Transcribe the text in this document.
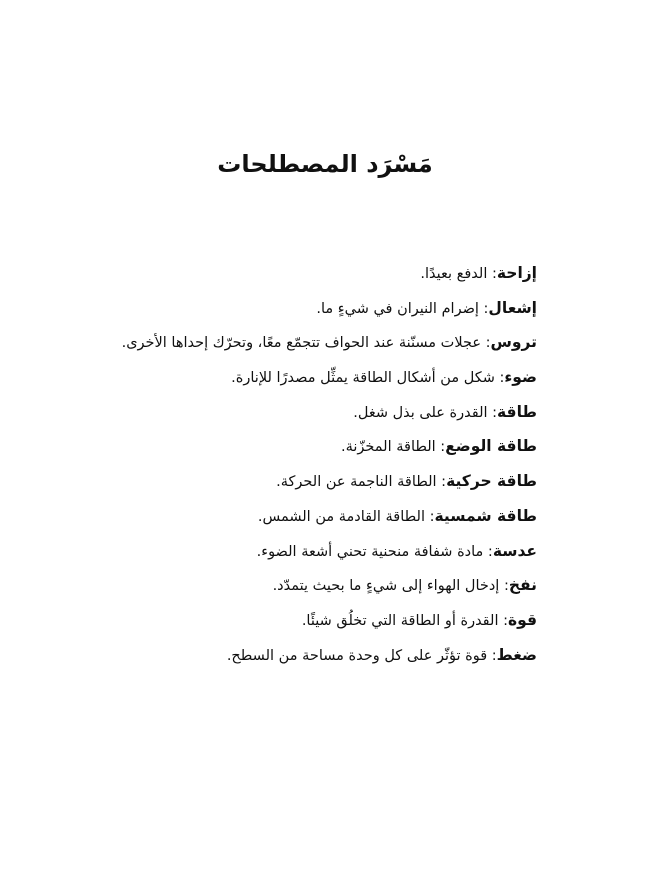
مَسْرَد المصطلحات
إزاحة: الدفع بعيدًا.
إشعال: إضرام النيران في شيءٍ ما.
تروس: عجلات مسنّنة عند الحواف تتجمّع معًا، وتحرّك إحداها الأخرى.
ضوء: شكل من أشكال الطاقة يمثِّل مصدرًا للإنارة.
طاقة: القدرة على بذل شغل.
طاقة الوضع: الطاقة المخزّنة.
طاقة حركية: الطاقة الناجمة عن الحركة.
طاقة شمسية: الطاقة القادمة من الشمس.
عدسة: مادة شفافة منحنية تحني أشعة الضوء.
نفخ: إدخال الهواء إلى شيءٍ ما بحيث يتمدّد.
قوة: القدرة أو الطاقة التي تخلُق شيئًا.
ضغط: قوة تؤثّر على كل وحدة مساحة من السطح.
